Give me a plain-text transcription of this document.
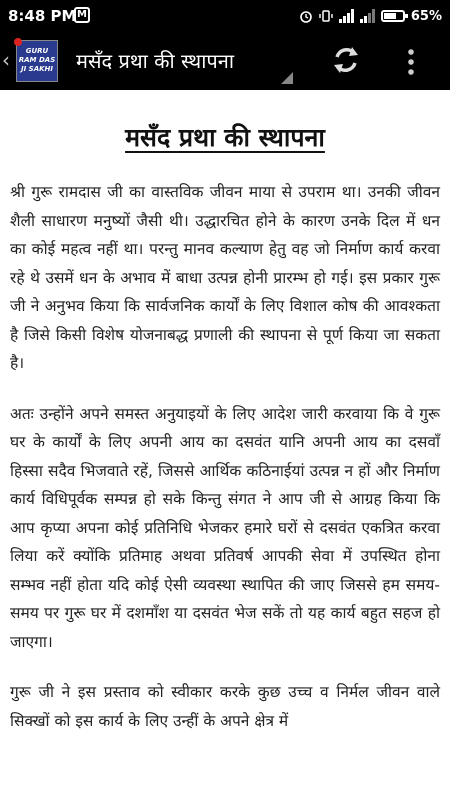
8:48 PM M	65%
‹	GURU RAM DAS JI SAKHI मसँद प्रथा की स्थापना
मसँद प्रथा की स्थापना

श्री गुरू रामदास जी का वास्तविक जीवन माया से उपराम था। उनकी जीवन शैली साधारण मनुष्यों जैसी थी। उद्धारचित होने के कारण उनके दिल में धन का कोई महत्व नहीं था। परन्तु मानव कल्याण हेतु वह जो निर्माण कार्य करवा रहे थे उसमें धन के अभाव में बाधा उत्पन्न होनी प्रारम्भ हो गई। इस प्रकार गुरू जी ने अनुभव किया कि सार्वजनिक कार्यों के लिए विशाल कोष की आवश्कता है जिसे किसी विशेष योजनाबद्ध प्रणाली की स्थापना से पूर्ण किया जा सकता है।

अतः उन्होंने अपने समस्त अनुयाइयों के लिए आदेश जारी करवाया कि वे गुरू घर के कार्यों के लिए अपनी आय का दसवंत यानि अपनी आय का दसवाँ हिस्सा सदैव भिजवाते रहें, जिससे आर्थिक कठिनाईयां उत्पन्न न हों और निर्माण कार्य विधिपूर्वक सम्पन्न हो सके किन्तु संगत ने आप जी से आग्रह किया कि आप कृप्या अपना कोई प्रतिनिधि भेजकर हमारे घरों से दसवंत एकत्रित करवा लिया करें क्योंकि प्रतिमाह अथवा प्रतिवर्ष आपकी सेवा में उपस्थित होना सम्भव नहीं होता यदि कोई ऐसी व्यवस्था स्थापित की जाए जिससे हम समय-समय पर गुरू घर में दशमाँश या दसवंत भेज सकें तो यह कार्य बहुत सहज हो जाएगा।

गुरू जी ने इस प्रस्ताव को स्वीकार करके कुछ उच्च व निर्मल जीवन वाले सिक्खों को इस कार्य के लिए उन्हीं के अपने क्षेत्र में
